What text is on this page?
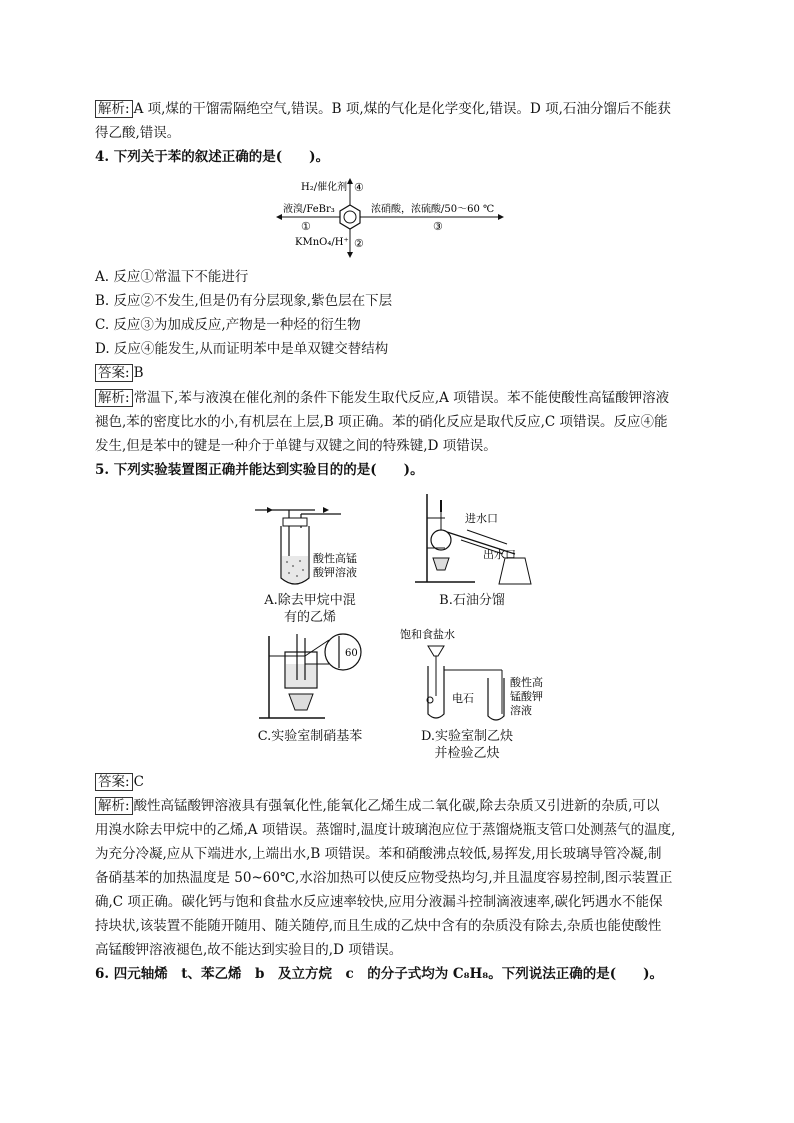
解析: A 项,煤的干馏需隔绝空气,错误。B 项,煤的气化是化学变化,错误。D 项,石油分馏后不能获
得乙酸,错误。
4. 下列关于苯的叙述正确的是(　　)。
H₂/催化剂 ④
液溴/FeBr₃
①
浓硝酸，浓硫酸/50～60 ℃
③
KMnO₄/H⁺ ②
A. 反应①常温下不能进行
B. 反应②不发生,但是仍有分层现象,紫色层在下层
C. 反应③为加成反应,产物是一种烃的衍生物
D. 反应④能发生,从而证明苯中是单双键交替结构
答案: B
解析: 常温下,苯与液溴在催化剂的条件下能发生取代反应,A 项错误。苯不能使酸性高锰酸钾溶液
褪色,苯的密度比水的小,有机层在上层,B 项正确。苯的硝化反应是取代反应,C 项错误。反应④能
发生,但是苯中的键是一种介于单键与双键之间的特殊键,D 项错误。
5. 下列实验装置图正确并能达到实验目的的是(　　)。
酸性高锰
酸钾溶液
A.除去甲烷中混
有的乙烯
进水口
出水口
B.石油分馏
60
C.实验室制硝基苯
饱和食盐水
电石
酸性高
锰酸钾
溶液
D.实验室制乙炔
并检验乙炔
答案: C
解析: 酸性高锰酸钾溶液具有强氧化性,能氧化乙烯生成二氧化碳,除去杂质又引进新的杂质,可以
用溴水除去甲烷中的乙烯,A 项错误。蒸馏时,温度计玻璃泡应位于蒸馏烧瓶支管口处测蒸气的温度,
为充分冷凝,应从下端进水,上端出水,B 项错误。苯和硝酸沸点较低,易挥发,用长玻璃导管冷凝,制
备硝基苯的加热温度是 50~60℃,水浴加热可以使反应物受热均匀,并且温度容易控制,图示装置正
确,C 项正确。碳化钙与饱和食盐水反应速率较快,应用分液漏斗控制滴液速率,碳化钙遇水不能保
持块状,该装置不能随开随用、随关随停,而且生成的乙炔中含有的杂质没有除去,杂质也能使酸性
高锰酸钾溶液褪色,故不能达到实验目的,D 项错误。
6. 四元轴烯　t、苯乙烯　b　及立方烷　c　的分子式均为 C₈H₈。下列说法正确的是(　　)。
